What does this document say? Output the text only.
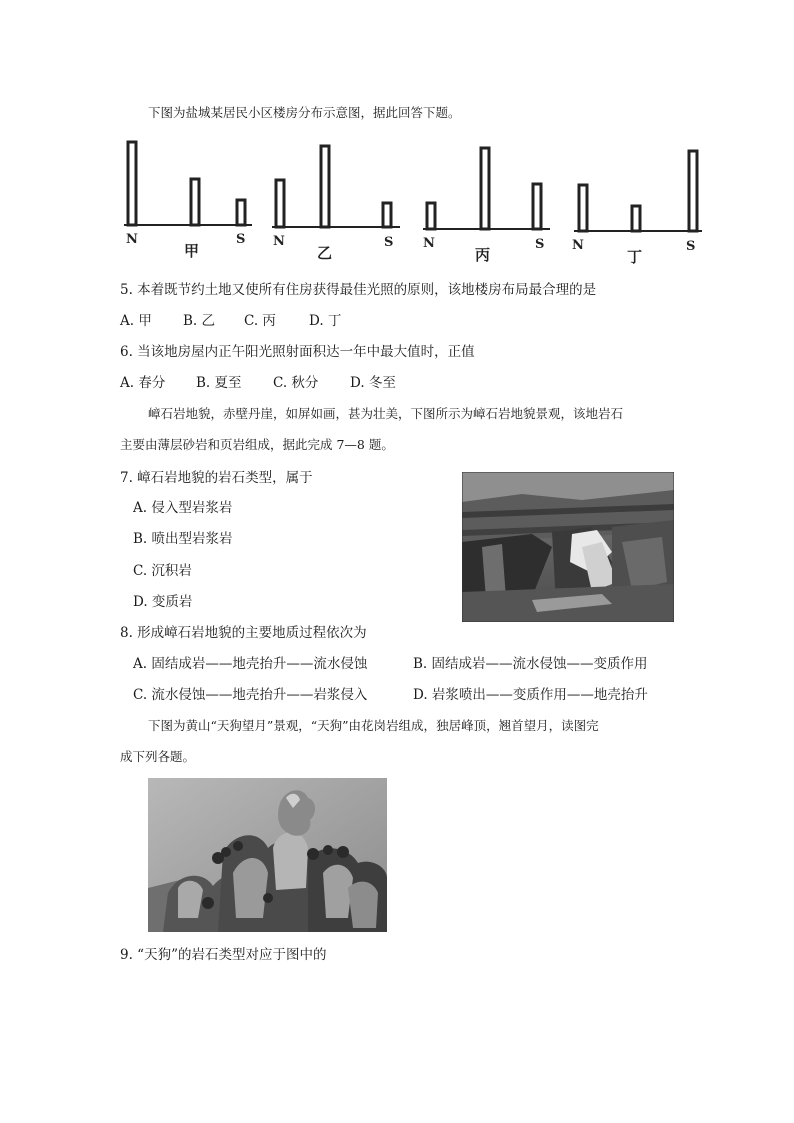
下图为盐城某居民小区楼房分布示意图，据此回答下题。
N
甲
S N
乙
S N
丙
S N
丁
S
5. 本着既节约土地又使所有住房获得最佳光照的原则，该地楼房布局最合理的是
A. 甲 B. 乙 C. 丙 D. 丁
6. 当该地房屋内正午阳光照射面积达一年中最大值时，正值
A. 春分 B. 夏至 C. 秋分 D. 冬至
嶂石岩地貌，赤壁丹崖，如屏如画，甚为壮美，下图所示为嶂石岩地貌景观，该地岩石
主要由薄层砂岩和页岩组成，据此完成 7—8 题。
7. 嶂石岩地貌的岩石类型，属于
A. 侵入型岩浆岩
B. 喷出型岩浆岩
C. 沉积岩
D. 变质岩
8. 形成嶂石岩地貌的主要地质过程依次为
A. 固结成岩——地壳抬升——流水侵蚀	B. 固结成岩——流水侵蚀——变质作用
C. 流水侵蚀——地壳抬升——岩浆侵入	D. 岩浆喷出——变质作用——地壳抬升
下图为黄山“天狗望月”景观，“天狗”由花岗岩组成，独居峰顶，翘首望月，读图完
成下列各题。
9. “天狗”的岩石类型对应于图中的
